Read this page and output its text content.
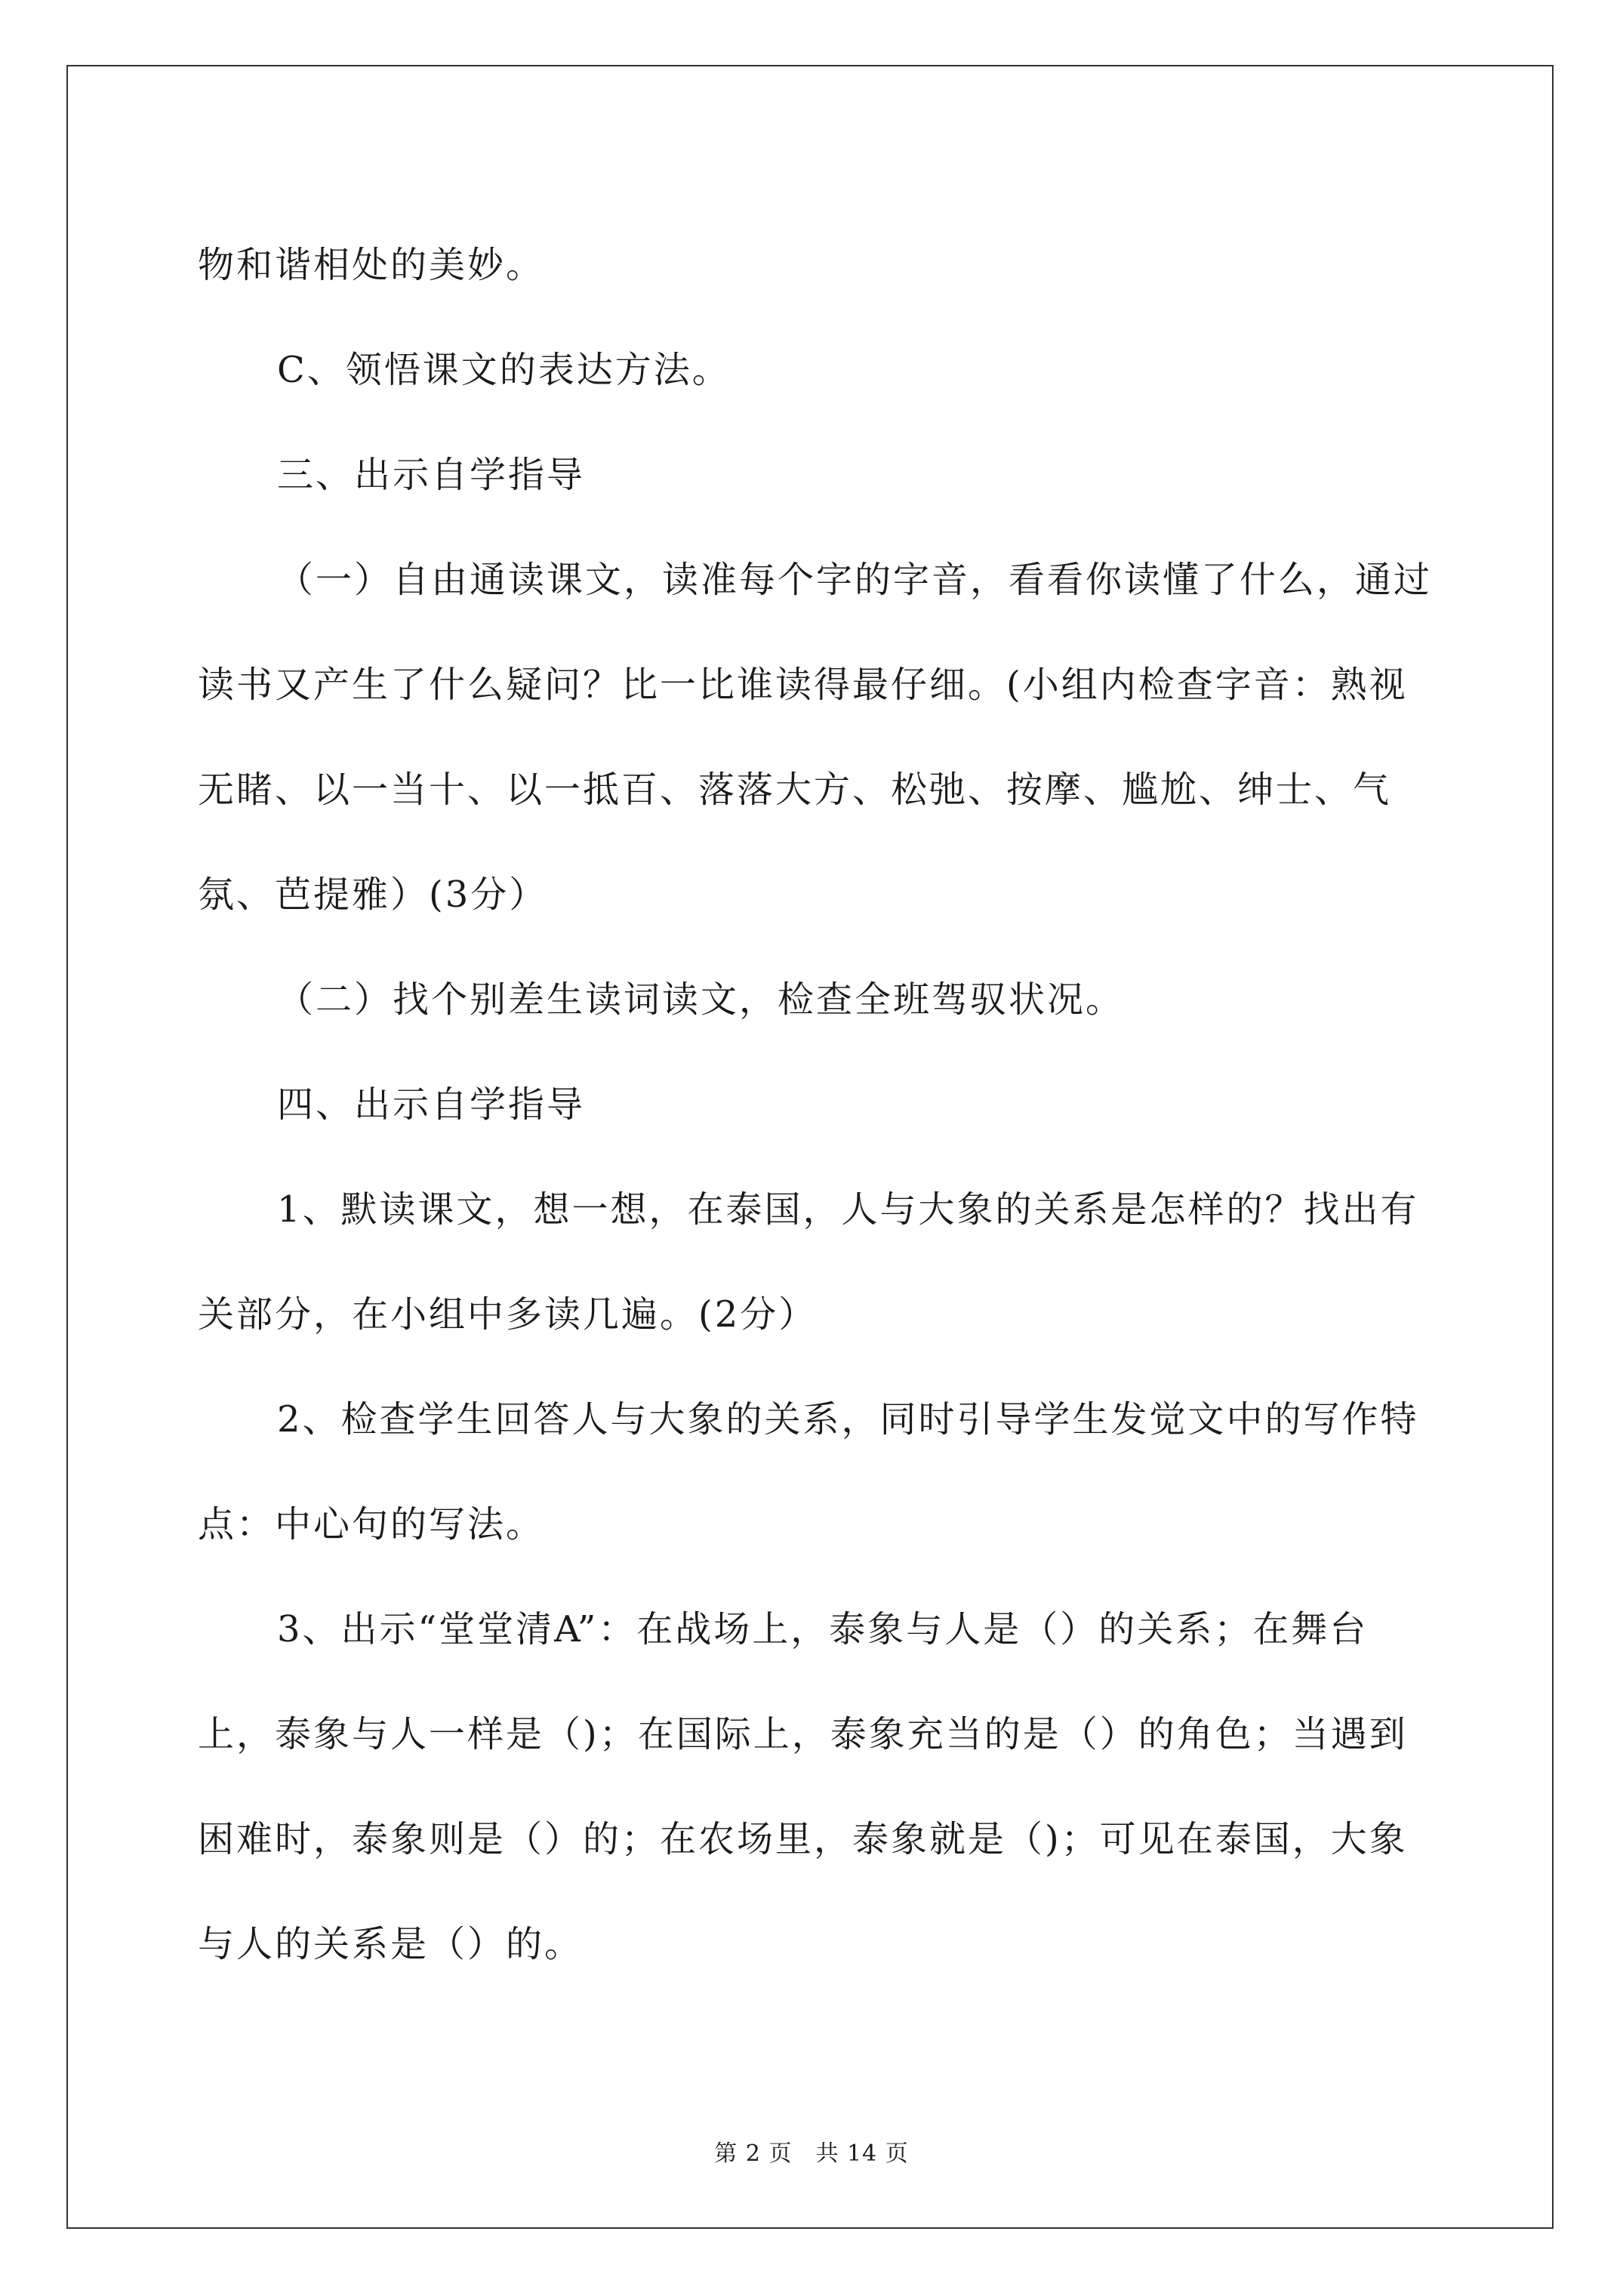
物和谐相处的美妙。

C、领悟课文的表达方法。

三、出示自学指导

（一）自由通读课文，读准每个字的字音，看看你读懂了什么，通过读书又产生了什么疑问？比一比谁读得最仔细。(小组内检查字音：熟视无睹、以一当十、以一抵百、落落大方、松弛、按摩、尴尬、绅士、气氛、芭提雅）(3分）

（二）找个别差生读词读文，检查全班驾驭状况。

四、出示自学指导

1、默读课文，想一想，在泰国，人与大象的关系是怎样的？找出有关部分，在小组中多读几遍。(2分）

2、检查学生回答人与大象的关系，同时引导学生发觉文中的写作特点：中心句的写法。

3、出示“堂堂清A”：在战场上，泰象与人是（）的关系；在舞台上，泰象与人一样是（)；在国际上，泰象充当的是（）的角色；当遇到困难时，泰象则是（）的；在农场里，泰象就是（)；可见在泰国，大象与人的关系是（）的。

第 2 页　共 14 页
